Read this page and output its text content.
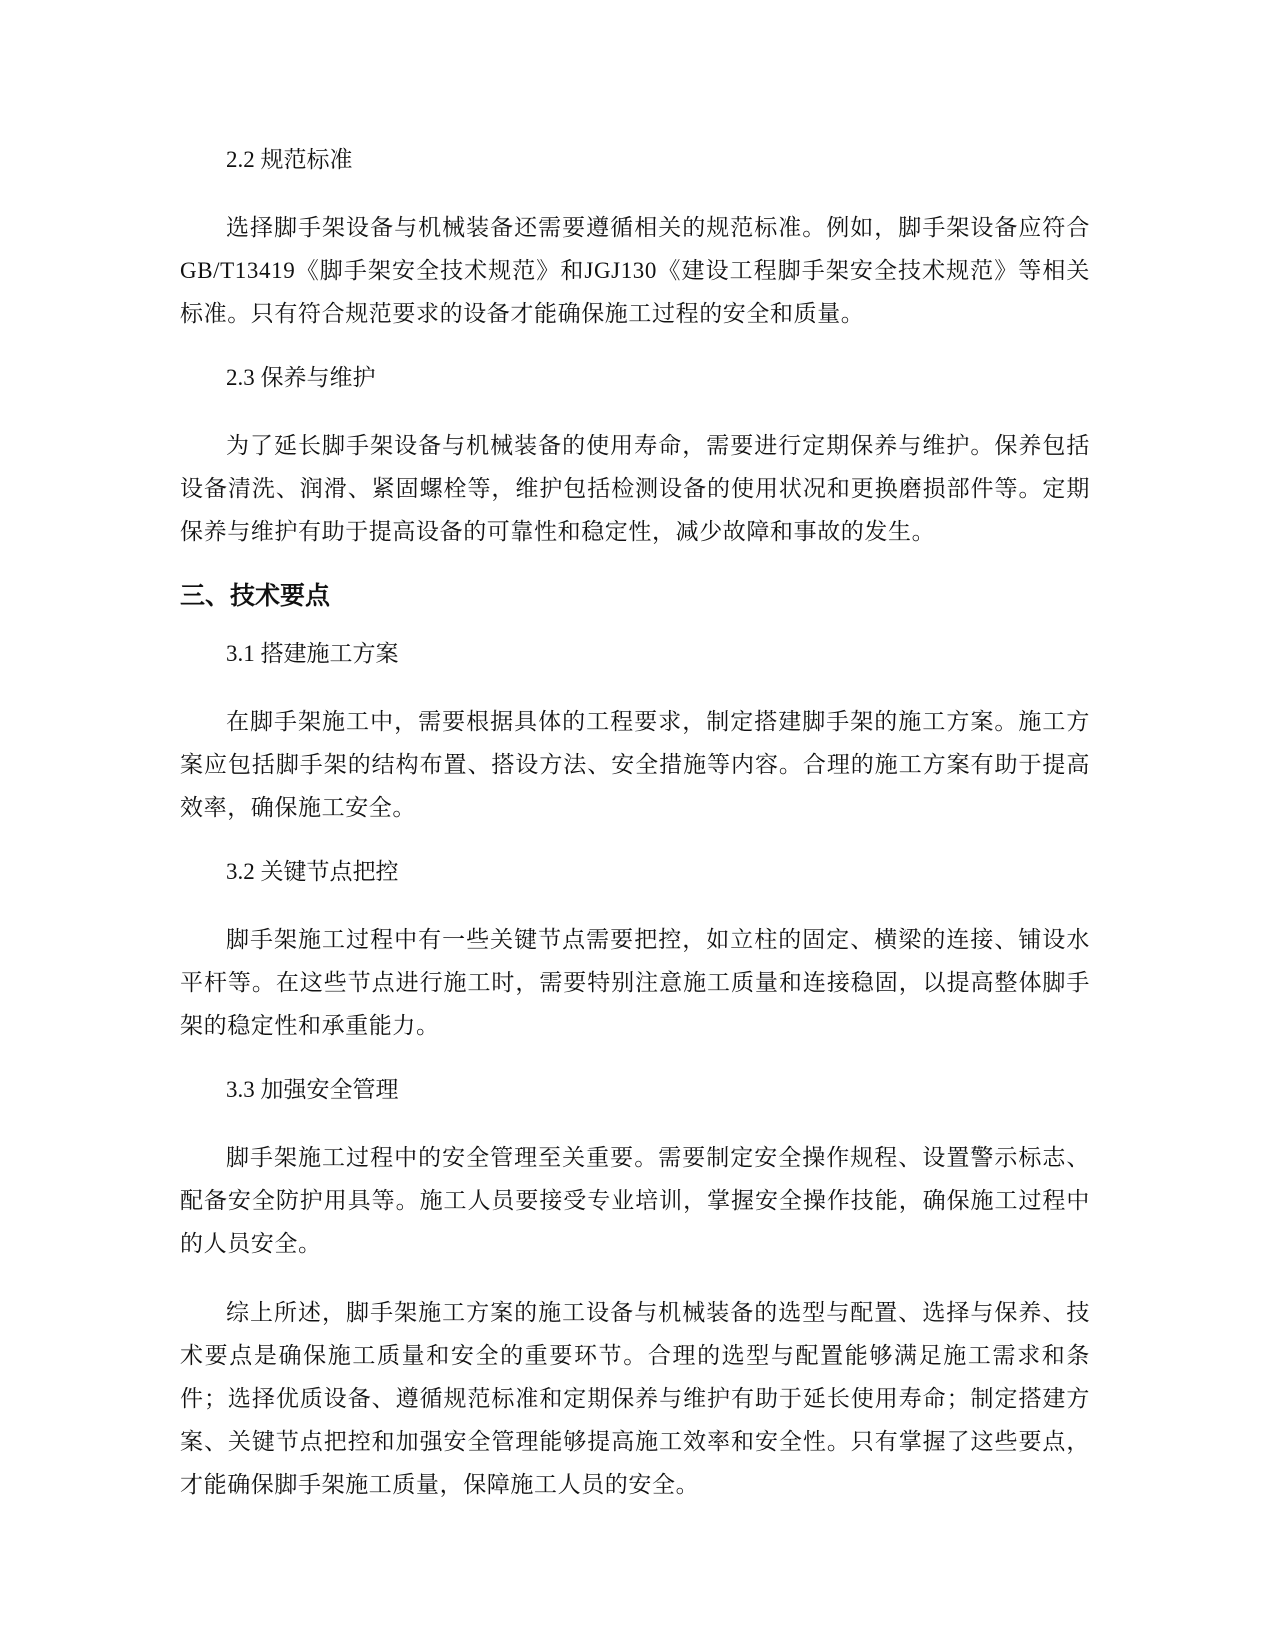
2.2 规范标准

选择脚手架设备与机械装备还需要遵循相关的规范标准。例如，脚手架设备应符合GB/T13419《脚手架安全技术规范》和JGJ130《建设工程脚手架安全技术规范》等相关标准。只有符合规范要求的设备才能确保施工过程的安全和质量。

2.3 保养与维护

为了延长脚手架设备与机械装备的使用寿命，需要进行定期保养与维护。保养包括设备清洗、润滑、紧固螺栓等，维护包括检测设备的使用状况和更换磨损部件等。定期保养与维护有助于提高设备的可靠性和稳定性，减少故障和事故的发生。

三、技术要点
3.1 搭建施工方案

在脚手架施工中，需要根据具体的工程要求，制定搭建脚手架的施工方案。施工方案应包括脚手架的结构布置、搭设方法、安全措施等内容。合理的施工方案有助于提高效率，确保施工安全。

3.2 关键节点把控

脚手架施工过程中有一些关键节点需要把控，如立柱的固定、横梁的连接、铺设水平杆等。在这些节点进行施工时，需要特别注意施工质量和连接稳固，以提高整体脚手架的稳定性和承重能力。

3.3 加强安全管理

脚手架施工过程中的安全管理至关重要。需要制定安全操作规程、设置警示标志、配备安全防护用具等。施工人员要接受专业培训，掌握安全操作技能，确保施工过程中的人员安全。

综上所述，脚手架施工方案的施工设备与机械装备的选型与配置、选择与保养、技术要点是确保施工质量和安全的重要环节。合理的选型与配置能够满足施工需求和条件；选择优质设备、遵循规范标准和定期保养与维护有助于延长使用寿命；制定搭建方案、关键节点把控和加强安全管理能够提高施工效率和安全性。只有掌握了这些要点，才能确保脚手架施工质量，保障施工人员的安全。
